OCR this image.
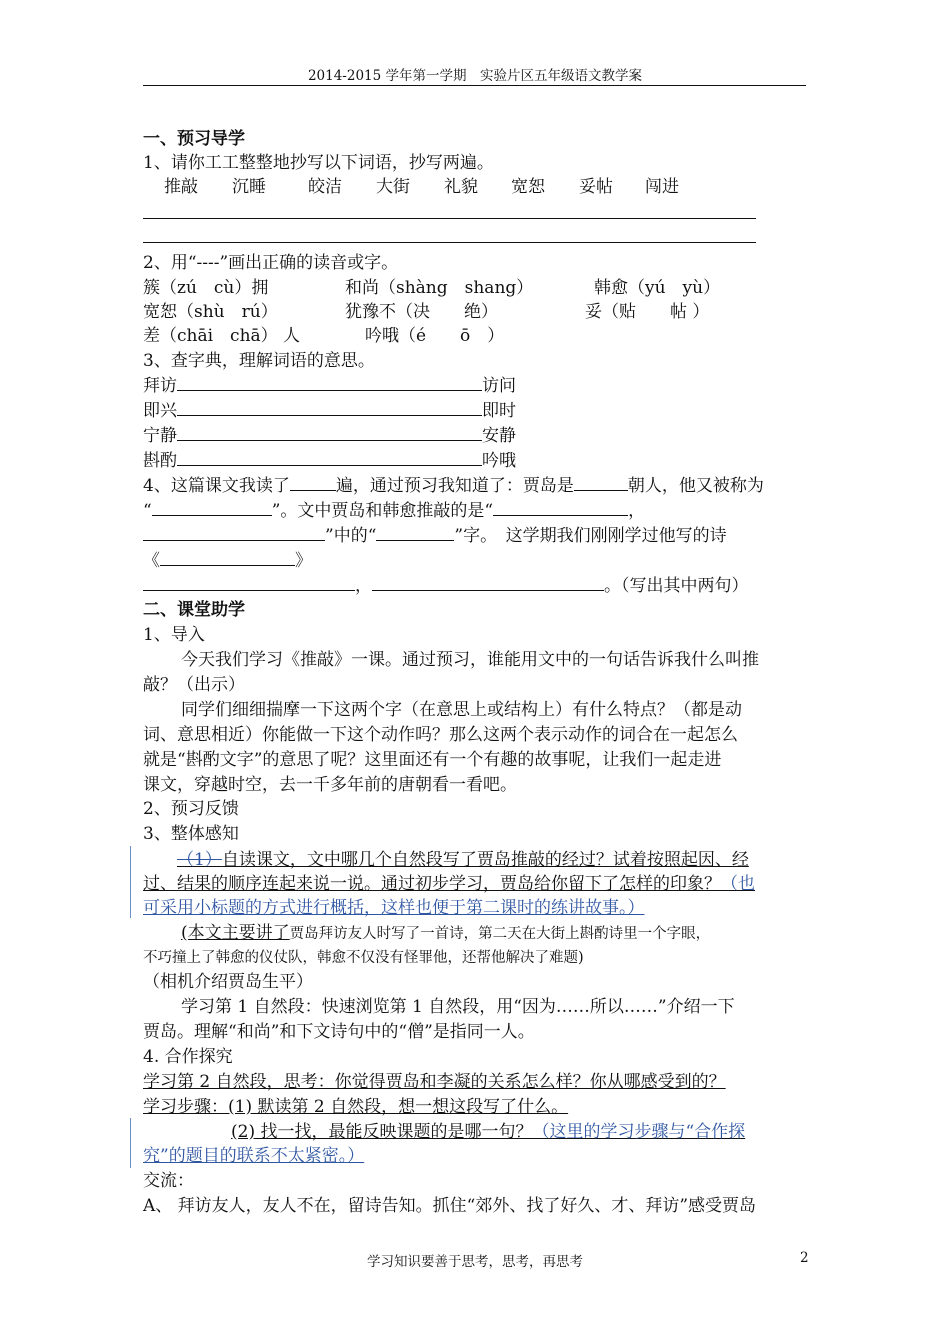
2014-2015 学年第一学期　实验片区五年级语文教学案
一、预习导学
1、请你工工整整地抄写以下词语，抄写两遍。
推敲 沉睡 皎洁 大街 礼貌 宽恕 妥帖 闯进
2、用“----”画出正确的读音或字。
簇（zú　cù）拥	和尚（shàng　shang）	韩愈（yú　yù）
宽恕（shù　rú）	犹豫不（决　　绝）	妥（贴　　帖 ）
差（chāi　chā） 人	吟哦（é　　ō　）
3、查字典，理解词语的意思。
拜访	访问
即兴	即时
宁静	安静
斟酌	吟哦
4、这篇课文我读了	遍，通过预习我知道了：贾岛是	朝人，他又被称为
“	”。文中贾岛和韩愈推敲的是“	，
”中的“	”字。　这学期我们刚刚学过他写的诗
《	》
，	。（写出其中两句）
二、课堂助学
1、导入
今天我们学习《推敲》一课。通过预习，谁能用文中的一句话告诉我什么叫推
敲？（出示）
同学们细细揣摩一下这两个字（在意思上或结构上）有什么特点？（都是动
词、意思相近）你能做一下这个动作吗？那么这两个表示动作的词合在一起怎么
就是“斟酌文字”的意思了呢？这里面还有一个有趣的故事呢，让我们一起走进
课文，穿越时空，去一千多年前的唐朝看一看吧。
2、预习反馈
3、整体感知
（1）自读课文，文中哪几个自然段写了贾岛推敲的经过？试着按照起因、经
过、结果的顺序连起来说一说。通过初步学习，贾岛给你留下了怎样的印象？（也
可采用小标题的方式进行概括，这样也便于第二课时的练讲故事。）
(本文主要讲了贾岛拜访友人时写了一首诗，第二天在大街上斟酌诗里一个字眼，
不巧撞上了韩愈的仪仗队，韩愈不仅没有怪罪他，还帮他解决了难题)
（相机介绍贾岛生平）
学习第 1 自然段：快速浏览第 1 自然段，用“因为……所以……”介绍一下
贾岛。理解“和尚”和下文诗句中的“僧”是指同一人。
4. 合作探究
学习第 2 自然段，思考：你觉得贾岛和李凝的关系怎么样？你从哪感受到的？
学习步骤：(1) 默读第 2 自然段，想一想这段写了什么。
(2) 找一找，最能反映课题的是哪一句？（这里的学习步骤与“合作探
究”的题目的联系不太紧密。）
交流：
A、 拜访友人，友人不在，留诗告知。抓住“郊外、找了好久、才、拜访”感受贾岛
学习知识要善于思考，思考，再思考	2
